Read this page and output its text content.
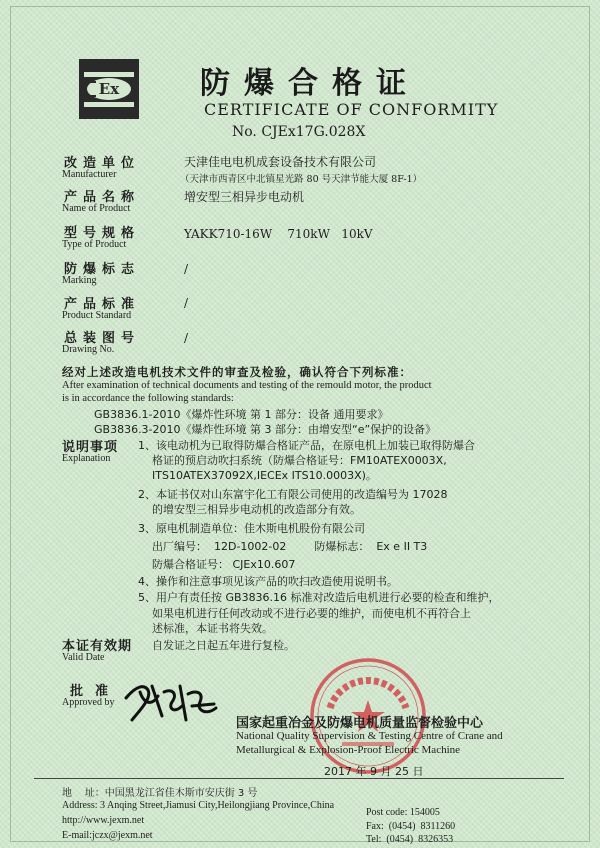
Ex	防爆合格证

CERTIFICATE OF CONFORMITY

No. CJEx17G.028X

改造单位

Manufacturer

天津佳电电机成套设备技术有限公司

（天津市西青区中北镇星光路 80 号天津节能大厦 8F-1）

产品名称

Name of Product

增安型三相异步电动机

型号规格

Type of Product

YAKK710-16W    710kW   10kV

防爆标志

Marking

/

产品标准

Product Standard

/

总装图号

Drawing No.

/

经对上述改造电机技术文件的审查及检验，确认符合下列标准：

After examination of technical documents and testing of the remould motor, the product

is in accordance the following standards:

GB3836.1-2010《爆炸性环境 第 1 部分：设备 通用要求》

GB3836.3-2010《爆炸性环境 第 3 部分：由增安型“e”保护的设备》

说明事项

Explanation

1、该电动机为已取得防爆合格证产品，在原电机上加装已取得防爆合

格证的预启动吹扫系统（防爆合格证号：FM10ATEX0003X,

ITS10ATEX37092X,IECEx ITS10.0003X)。

2、本证书仅对山东富宇化工有限公司使用的改造编号为 17028

的增安型三相异步电动机的改造部分有效。

3、原电机制造单位：佳木斯电机股份有限公司

出厂编号：  12D-1002-02        防爆标志：  Ex e II T3

防爆合格证号： CJEx10.607

4、操作和注意事项见该产品的吹扫改造使用说明书。

5、用户有责任按 GB3836.16 标准对改造后电机进行必要的检查和维护，

如果电机进行任何改动或不进行必要的维护，而使电机不再符合上

述标准，本证书将失效。

本证有效期

Valid Date

自发证之日起五年进行复检。

批  准

Approved by

国家起重冶金及防爆电机质量监督检验中心

National Quality Supervision & Testing Centre of Crane and

Metallurgical & Explosion-Proof Electric Machine

2017 年 9 月 25 日

地    址：中国黑龙江省佳木斯市安庆街 3 号

Address: 3 Anqing Street,Jiamusi City,Heilongjiang Province,China

http://www.jexm.net

E-mail:jczx@jexm.net

Post code: 154005

Fax:  (0454)  8311260

Tel:  (0454)  8326353
